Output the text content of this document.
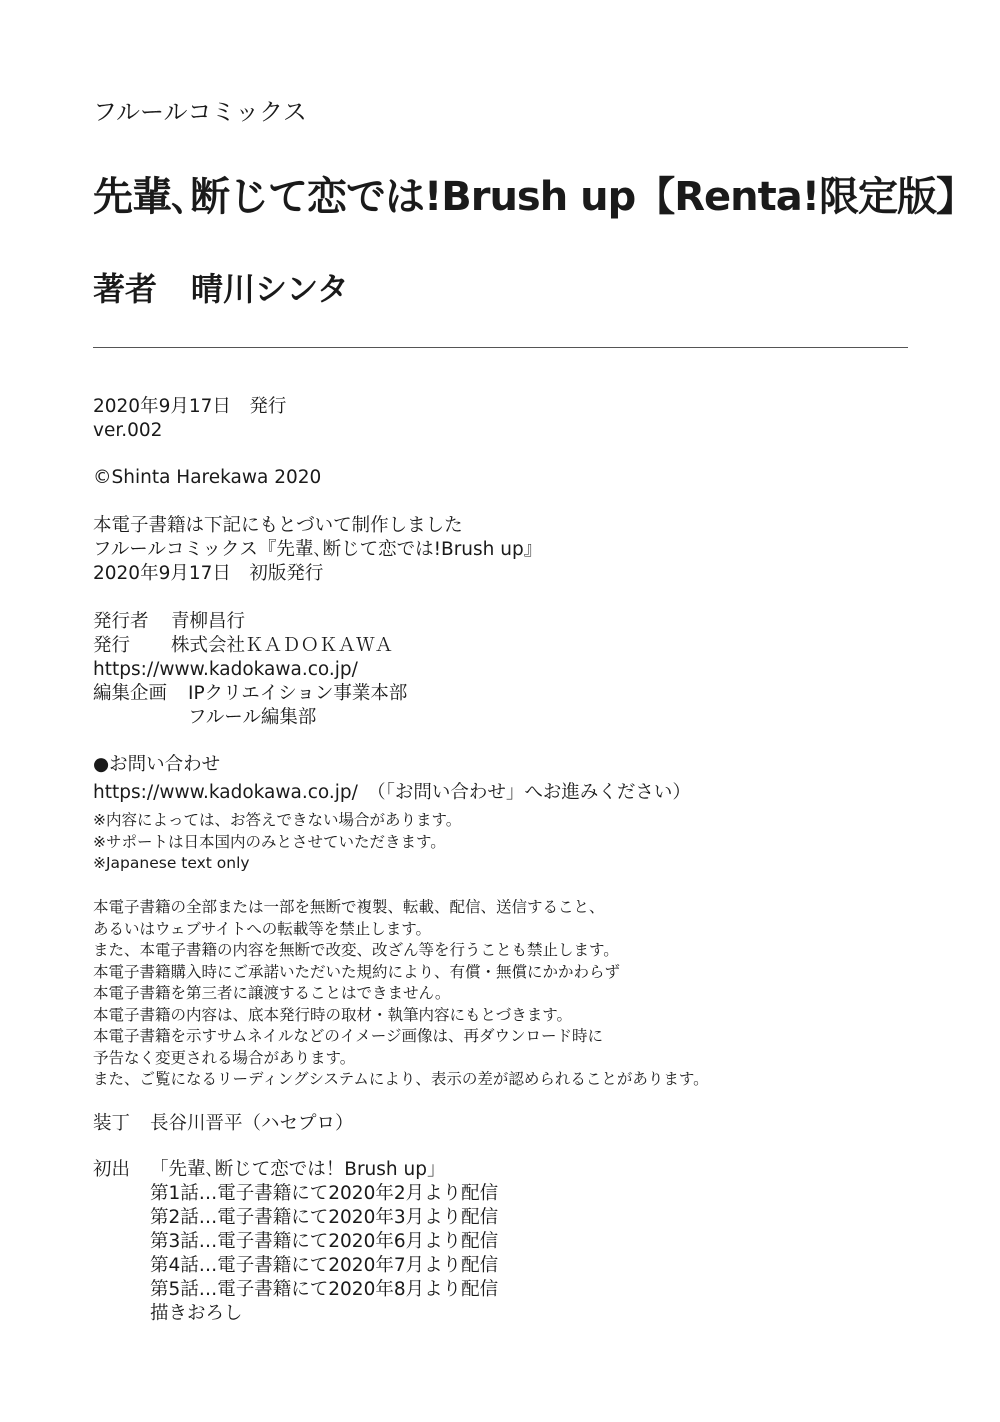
フルールコミックス
先輩､断じて恋では!Brush up【Renta!限定版】
著者 晴川シンタ
2020年9月17日　発行
ver.002
©Shinta Harekawa 2020
本電子書籍は下記にもとづいて制作しました
フルールコミックス『先輩､断じて恋では!Brush up』
2020年9月17日　初版発行
発行者	青柳昌行
発行	株式会社ＫＡＤＯＫＡＷＡ
https://www.kadokawa.co.jp/
編集企画	IPクリエイション事業本部
フルール編集部
●お問い合わせ
https://www.kadokawa.co.jp/　（「お問い合わせ」へお進みください）
※内容によっては、お答えできない場合があります。
※サポートは日本国内のみとさせていただきます。
※Japanese text only
本電子書籍の全部または一部を無断で複製、転載、配信、送信すること、
あるいはウェブサイトへの転載等を禁止します。
また、本電子書籍の内容を無断で改変、改ざん等を行うことも禁止します。
本電子書籍購入時にご承諾いただいた規約により、有償・無償にかかわらず
本電子書籍を第三者に譲渡することはできません。
本電子書籍の内容は、底本発行時の取材・執筆内容にもとづきます。
本電子書籍を示すサムネイルなどのイメージ画像は、再ダウンロード時に
予告なく変更される場合があります。
また、ご覧になるリーディングシステムにより、表示の差が認められることがあります。
装丁	長谷川晋平（ハセプロ）
初出	「先輩､断じて恋では！Brush up」
第1話…電子書籍にて2020年2月より配信
第2話…電子書籍にて2020年3月より配信
第3話…電子書籍にて2020年6月より配信
第4話…電子書籍にて2020年7月より配信
第5話…電子書籍にて2020年8月より配信
描きおろし
